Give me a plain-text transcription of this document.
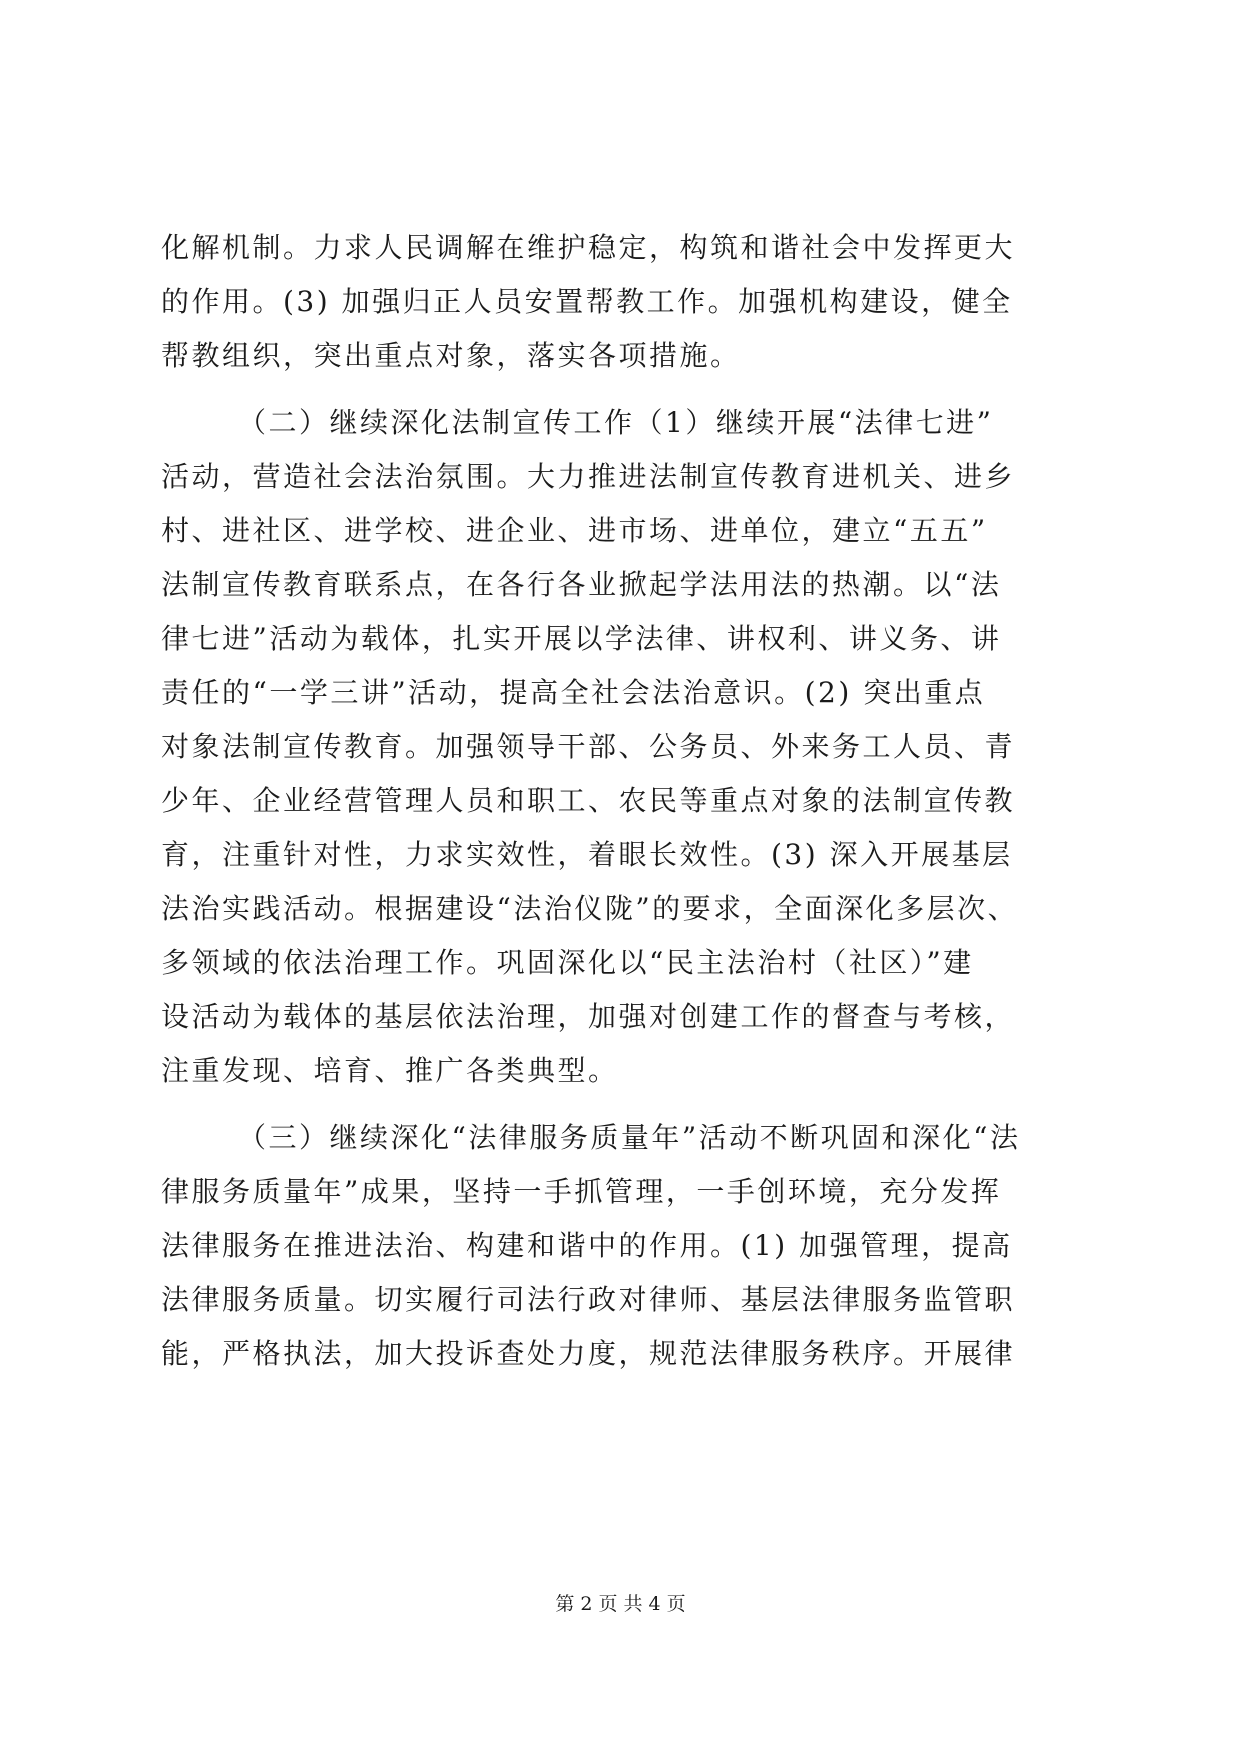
化解机制。力求人民调解在维护稳定，构筑和谐社会中发挥更大
的作用。(3) 加强归正人员安置帮教工作。加强机构建设，健全
帮教组织，突出重点对象，落实各项措施。
（二）继续深化法制宣传工作（1）继续开展“法律七进”
活动，营造社会法治氛围。大力推进法制宣传教育进机关、进乡
村、进社区、进学校、进企业、进市场、进单位，建立“五五”
法制宣传教育联系点，在各行各业掀起学法用法的热潮。以“法
律七进”活动为载体，扎实开展以学法律、讲权利、讲义务、讲
责任的“一学三讲”活动，提高全社会法治意识。(2) 突出重点
对象法制宣传教育。加强领导干部、公务员、外来务工人员、青
少年、企业经营管理人员和职工、农民等重点对象的法制宣传教
育，注重针对性，力求实效性，着眼长效性。(3) 深入开展基层
法治实践活动。根据建设“法治仪陇”的要求，全面深化多层次、
多领域的依法治理工作。巩固深化以“民主法治村（社区）”建
设活动为载体的基层依法治理，加强对创建工作的督查与考核，
注重发现、培育、推广各类典型。
（三）继续深化“法律服务质量年”活动不断巩固和深化“法
律服务质量年”成果，坚持一手抓管理，一手创环境，充分发挥
法律服务在推进法治、构建和谐中的作用。(1) 加强管理，提高
法律服务质量。切实履行司法行政对律师、基层法律服务监管职
能，严格执法，加大投诉查处力度，规范法律服务秩序。开展律
第 2 页 共 4 页
